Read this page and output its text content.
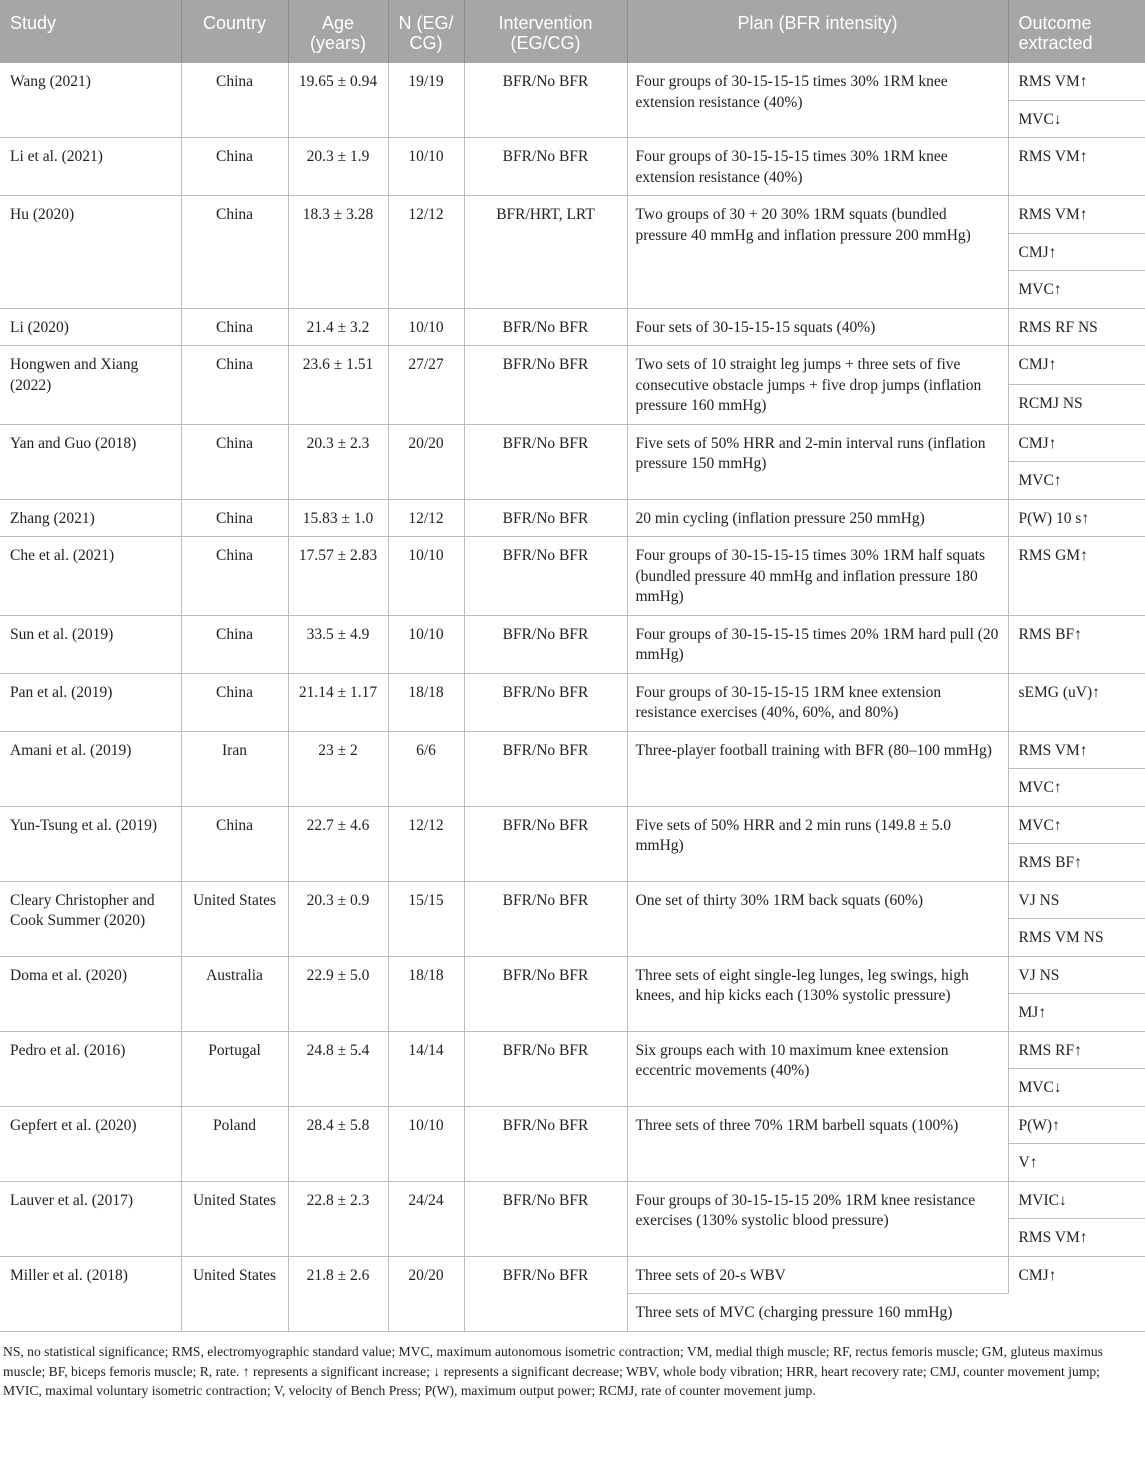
Study	Country	Age (years)	N (EG/ CG)	Intervention (EG/CG)	Plan (BFR intensity)	Outcome extracted
Wang (2021)	China	19.65 ± 0.94	19/19	BFR/No BFR	Four groups of 30-15-15-15 times 30% 1RM knee extension resistance (40%)	RMS VM↑
						MVC↓
Li et al. (2021)	China	20.3 ± 1.9	10/10	BFR/No BFR	Four groups of 30-15-15-15 times 30% 1RM knee extension resistance (40%)	RMS VM↑
Hu (2020)	China	18.3 ± 3.28	12/12	BFR/HRT, LRT	Two groups of 30 + 20 30% 1RM squats (bundled pressure 40 mmHg and inflation pressure 200 mmHg)	RMS VM↑
						CMJ↑
						MVC↑
Li (2020)	China	21.4 ± 3.2	10/10	BFR/No BFR	Four sets of 30-15-15-15 squats (40%)	RMS RF NS
Hongwen and Xiang (2022)	China	23.6 ± 1.51	27/27	BFR/No BFR	Two sets of 10 straight leg jumps + three sets of five consecutive obstacle jumps + five drop jumps (inflation pressure 160 mmHg)	CMJ↑
						RCMJ NS
Yan and Guo (2018)	China	20.3 ± 2.3	20/20	BFR/No BFR	Five sets of 50% HRR and 2-min interval runs (inflation pressure 150 mmHg)	CMJ↑
						MVC↑
Zhang (2021)	China	15.83 ± 1.0	12/12	BFR/No BFR	20 min cycling (inflation pressure 250 mmHg)	P(W) 10 s↑
Che et al. (2021)	China	17.57 ± 2.83	10/10	BFR/No BFR	Four groups of 30-15-15-15 times 30% 1RM half squats (bundled pressure 40 mmHg and inflation pressure 180 mmHg)	RMS GM↑
Sun et al. (2019)	China	33.5 ± 4.9	10/10	BFR/No BFR	Four groups of 30-15-15-15 times 20% 1RM hard pull (20 mmHg)	RMS BF↑
Pan et al. (2019)	China	21.14 ± 1.17	18/18	BFR/No BFR	Four groups of 30-15-15-15 1RM knee extension resistance exercises (40%, 60%, and 80%)	sEMG (uV)↑
Amani et al. (2019)	Iran	23 ± 2	6/6	BFR/No BFR	Three-player football training with BFR (80–100 mmHg)	RMS VM↑
						MVC↑
Yun-Tsung et al. (2019)	China	22.7 ± 4.6	12/12	BFR/No BFR	Five sets of 50% HRR and 2 min runs (149.8 ± 5.0 mmHg)	MVC↑
						RMS BF↑
Cleary Christopher and Cook Summer (2020)	United States	20.3 ± 0.9	15/15	BFR/No BFR	One set of thirty 30% 1RM back squats (60%)	VJ NS
						RMS VM NS
Doma et al. (2020)	Australia	22.9 ± 5.0	18/18	BFR/No BFR	Three sets of eight single-leg lunges, leg swings, high knees, and hip kicks each (130% systolic pressure)	VJ NS
						MJ↑
Pedro et al. (2016)	Portugal	24.8 ± 5.4	14/14	BFR/No BFR	Six groups each with 10 maximum knee extension eccentric movements (40%)	RMS RF↑
						MVC↓
Gepfert et al. (2020)	Poland	28.4 ± 5.8	10/10	BFR/No BFR	Three sets of three 70% 1RM barbell squats (100%)	P(W)↑
						V↑
Lauver et al. (2017)	United States	22.8 ± 2.3	24/24	BFR/No BFR	Four groups of 30-15-15-15 20% 1RM knee resistance exercises (130% systolic blood pressure)	MVIC↓
						RMS VM↑
Miller et al. (2018)	United States	21.8 ± 2.6	20/20	BFR/No BFR	Three sets of 20-s WBV	CMJ↑
					Three sets of MVC (charging pressure 160 mmHg)	
NS, no statistical significance; RMS, electromyographic standard value; MVC, maximum autonomous isometric contraction; VM, medial thigh muscle; RF, rectus femoris muscle; GM, gluteus maximus muscle; BF, biceps femoris muscle; R, rate. ↑ represents a significant increase; ↓ represents a significant decrease; WBV, whole body vibration; HRR, heart recovery rate; CMJ, counter movement jump; MVIC, maximal voluntary isometric contraction; V, velocity of Bench Press; P(W), maximum output power; RCMJ, rate of counter movement jump.
